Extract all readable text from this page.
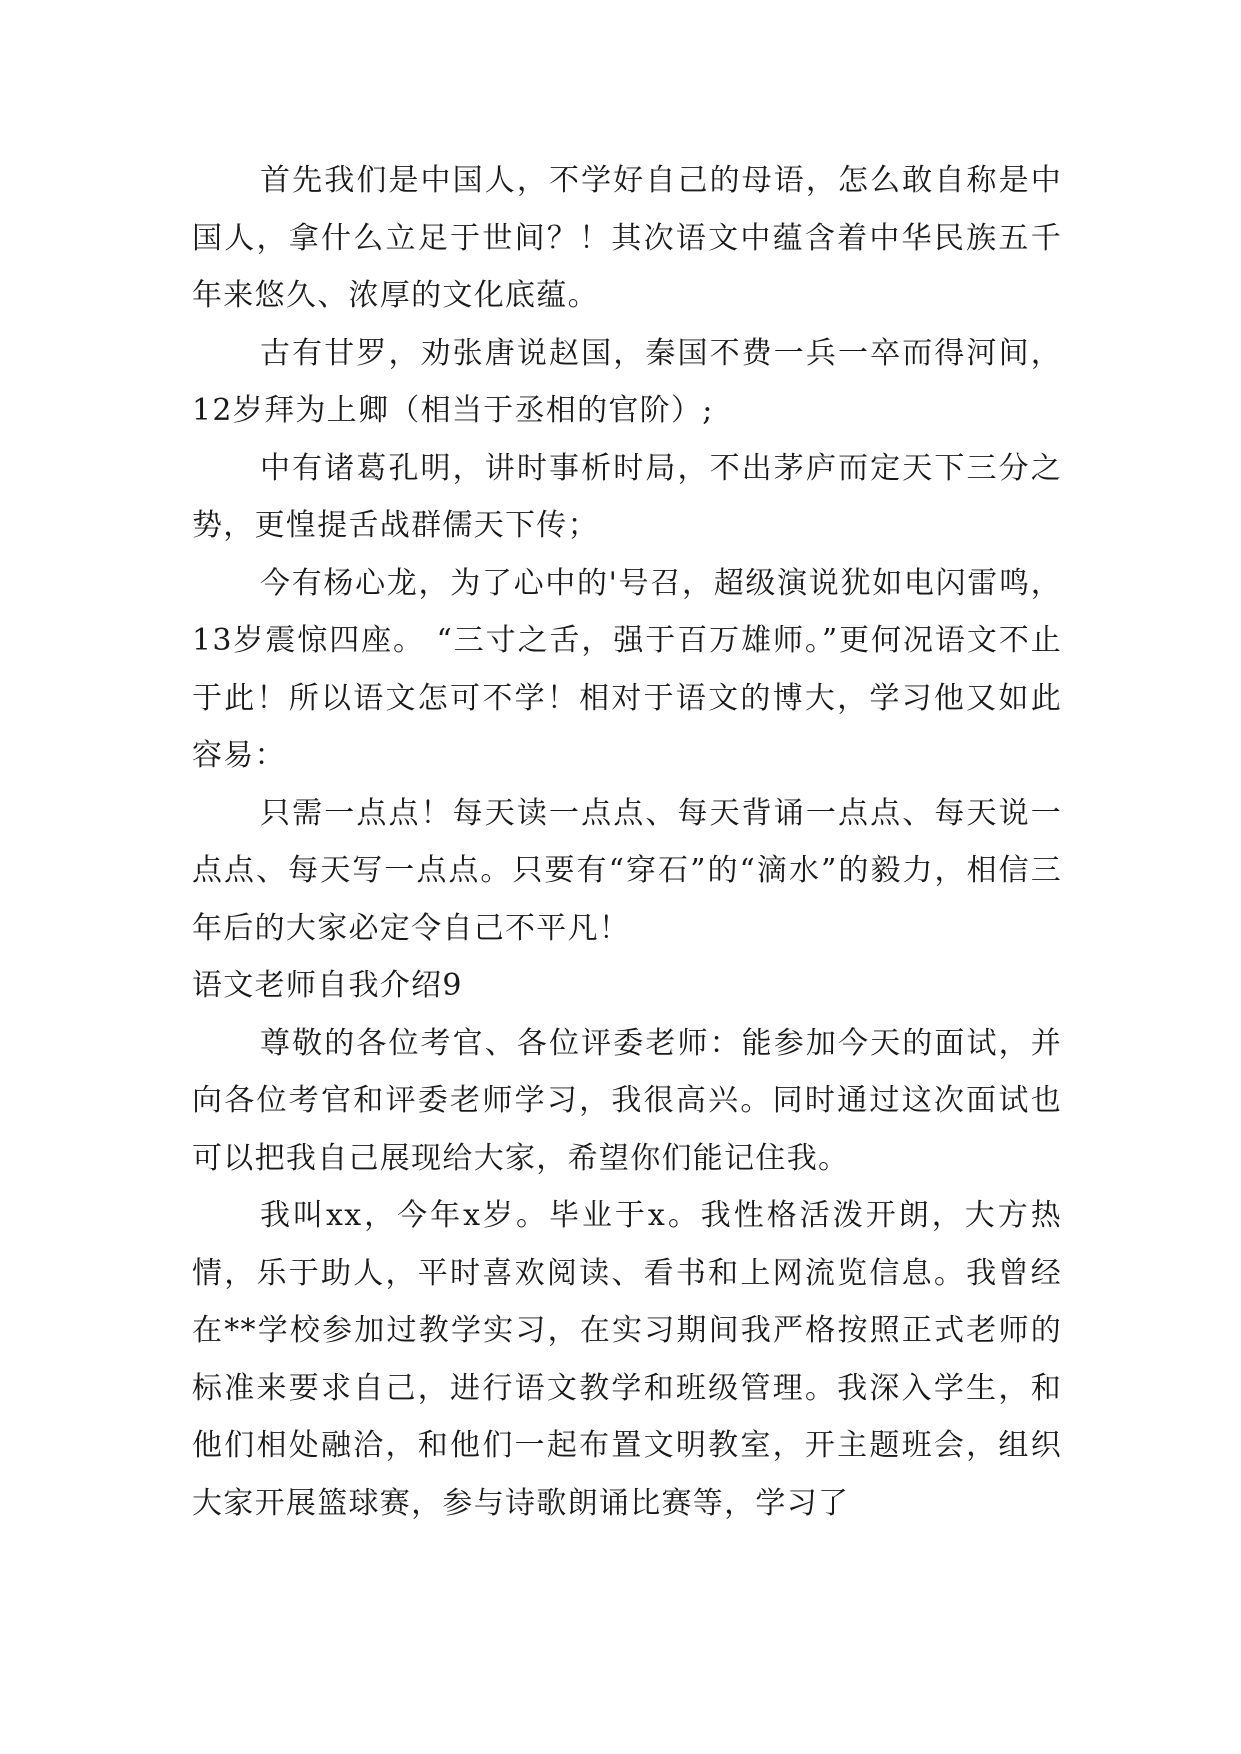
首先我们是中国人，不学好自己的母语，怎么敢自称是中国人，拿什么立足于世间？！其次语文中蕴含着中华民族五千年来悠久、浓厚的文化底蕴。

古有甘罗，劝张唐说赵国，秦国不费一兵一卒而得河间，12岁拜为上卿（相当于丞相的官阶）;

中有诸葛孔明，讲时事析时局，不出茅庐而定天下三分之势，更惶提舌战群儒天下传；

今有杨心龙，为了心中的'号召，超级演说犹如电闪雷鸣，13岁震惊四座。 “三寸之舌，强于百万雄师。”更何况语文不止于此！所以语文怎可不学！相对于语文的博大，学习他又如此容易：

只需一点点！每天读一点点、每天背诵一点点、每天说一点点、每天写一点点。只要有“穿石”的“滴水”的毅力，相信三年后的大家必定令自己不平凡！

语文老师自我介绍9

尊敬的各位考官、各位评委老师：能参加今天的面试，并向各位考官和评委老师学习，我很高兴。同时通过这次面试也可以把我自己展现给大家，希望你们能记住我。

我叫xx，今年x岁。毕业于x。我性格活泼开朗，大方热情，乐于助人，平时喜欢阅读、看书和上网流览信息。我曾经在**学校参加过教学实习，在实习期间我严格按照正式老师的标准来要求自己，进行语文教学和班级管理。我深入学生，和他们相处融洽，和他们一起布置文明教室，开主题班会，组织大家开展篮球赛，参与诗歌朗诵比赛等，学习了
